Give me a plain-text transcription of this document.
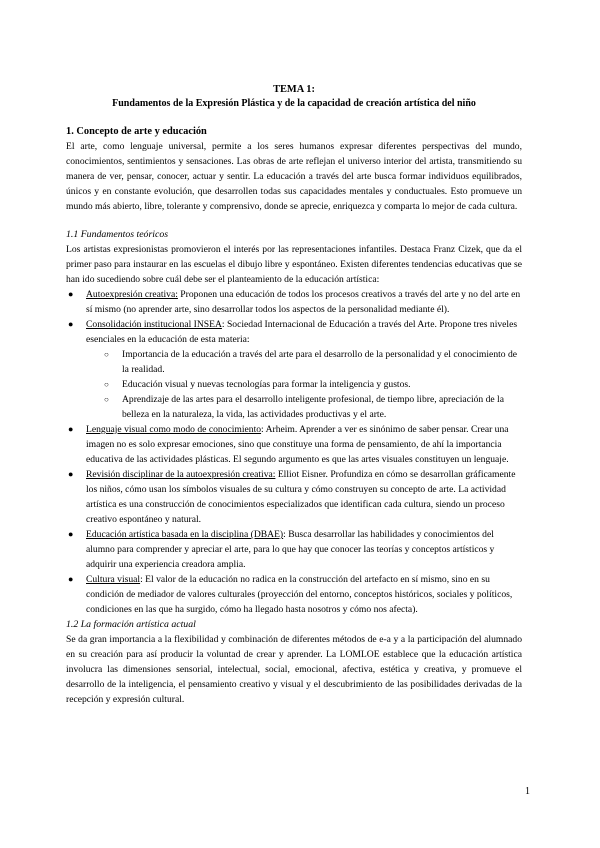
TEMA 1:

Fundamentos de la Expresión Plástica y de la capacidad de creación artística del niño

1. Concepto de arte y educación

El arte, como lenguaje universal, permite a los seres humanos expresar diferentes perspectivas del mundo, conocimientos, sentimientos y sensaciones. Las obras de arte reflejan el universo interior del artista, transmitiendo su manera de ver, pensar, conocer, actuar y sentir. La educación a través del arte busca formar individuos equilibrados, únicos y en constante evolución, que desarrollen todas sus capacidades mentales y conductuales. Esto promueve un mundo más abierto, libre, tolerante y comprensivo, donde se aprecie, enriquezca y comparta lo mejor de cada cultura.

1.1 Fundamentos teóricos

Los artistas expresionistas promovieron el interés por las representaciones infantiles. Destaca Franz Cizek, que da el primer paso para instaurar en las escuelas el dibujo libre y espontáneo. Existen diferentes tendencias educativas que se han ido sucediendo sobre cuál debe ser el planteamiento de la educación artística:

● Autoexpresión creativa: Proponen una educación de todos los procesos creativos a través del arte y no del arte en sí mismo (no aprender arte, sino desarrollar todos los aspectos de la personalidad mediante él).
● Consolidación institucional INSEA: Sociedad Internacional de Educación a través del Arte. Propone tres niveles esenciales en la educación de esta materia:
○ Importancia de la educación a través del arte para el desarrollo de la personalidad y el conocimiento de la realidad.
○ Educación visual y nuevas tecnologías para formar la inteligencia y gustos.
○ Aprendizaje de las artes para el desarrollo inteligente profesional, de tiempo libre, apreciación de la belleza en la naturaleza, la vida, las actividades productivas y el arte.
● Lenguaje visual como modo de conocimiento: Arheim. Aprender a ver es sinónimo de saber pensar. Crear una imagen no es solo expresar emociones, sino que constituye una forma de pensamiento, de ahí la importancia educativa de las actividades plásticas. El segundo argumento es que las artes visuales constituyen un lenguaje.
● Revisión disciplinar de la autoexpresión creativa: Elliot Eisner. Profundiza en cómo se desarrollan gráficamente los niños, cómo usan los símbolos visuales de su cultura y cómo construyen su concepto de arte. La actividad artística es una construcción de conocimientos especializados que identifican cada cultura, siendo un proceso creativo espontáneo y natural.
● Educación artística basada en la disciplina (DBAE): Busca desarrollar las habilidades y conocimientos del alumno para comprender y apreciar el arte, para lo que hay que conocer las teorías y conceptos artísticos y adquirir una experiencia creadora amplia.
● Cultura visual: El valor de la educación no radica en la construcción del artefacto en sí mismo, sino en su condición de mediador de valores culturales (proyección del entorno, conceptos históricos, sociales y políticos, condiciones en las que ha surgido, cómo ha llegado hasta nosotros y cómo nos afecta).
1.2 La formación artística actual

Se da gran importancia a la flexibilidad y combinación de diferentes métodos de e-a y a la participación del alumnado en su creación para así producir la voluntad de crear y aprender. La LOMLOE establece que la educación artística involucra las dimensiones sensorial, intelectual, social, emocional, afectiva, estética y creativa, y promueve el desarrollo de la inteligencia, el pensamiento creativo y visual y el descubrimiento de las posibilidades derivadas de la recepción y expresión cultural.

1
